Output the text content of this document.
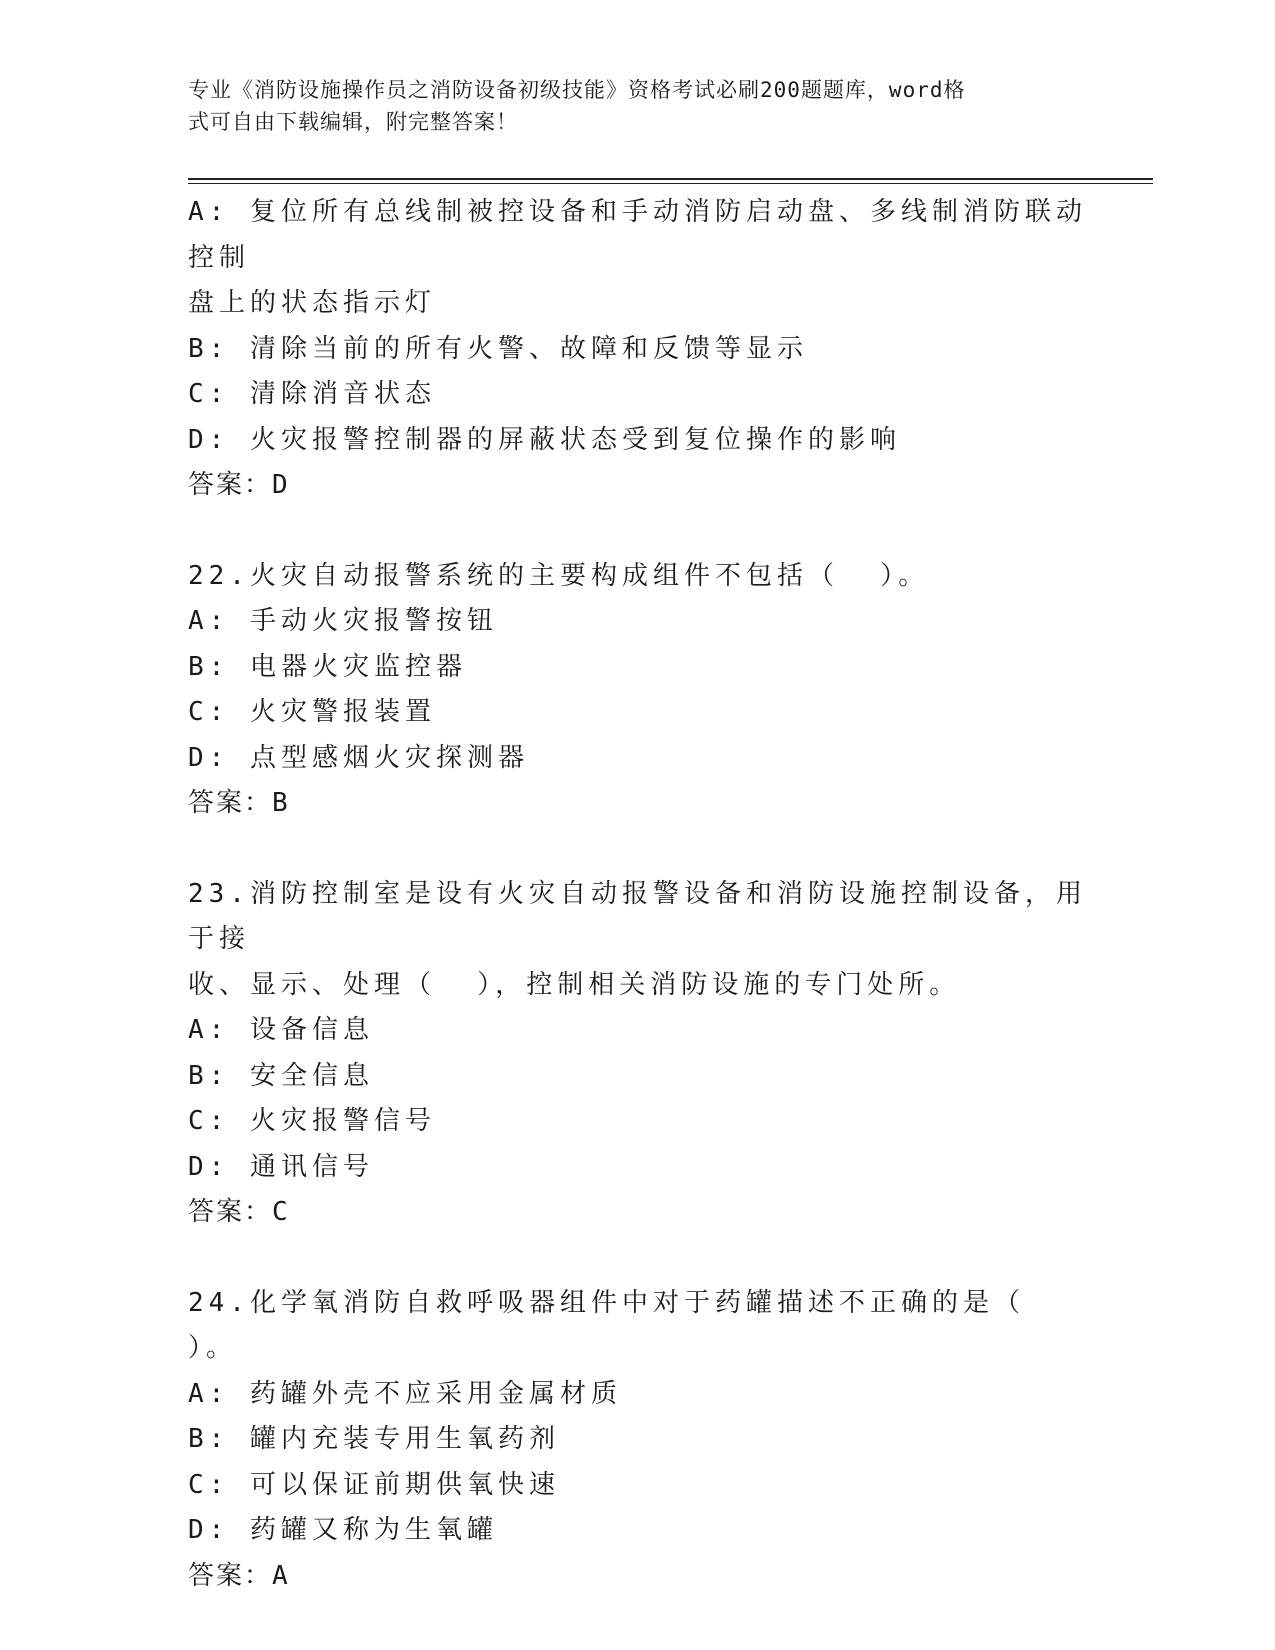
专业《消防设施操作员之消防设备初级技能》资格考试必刷200题题库，word格
式可自由下载编辑，附完整答案！
A: 复位所有总线制被控设备和手动消防启动盘、多线制消防联动控制
盘上的状态指示灯
B: 清除当前的所有火警、故障和反馈等显示
C: 清除消音状态
D: 火灾报警控制器的屏蔽状态受到复位操作的影响
答案：D
22.火灾自动报警系统的主要构成组件不包括（  ）。
A: 手动火灾报警按钮
B: 电器火灾监控器
C: 火灾警报装置
D: 点型感烟火灾探测器
答案：B
23.消防控制室是设有火灾自动报警设备和消防设施控制设备，用于接
收、显示、处理（  ），控制相关消防设施的专门处所。
A: 设备信息
B: 安全信息
C: 火灾报警信号
D: 通讯信号
答案：C
24.化学氧消防自救呼吸器组件中对于药罐描述不正确的是（  ）。
A: 药罐外壳不应采用金属材质
B: 罐内充装专用生氧药剂
C: 可以保证前期供氧快速
D: 药罐又称为生氧罐
答案：A
